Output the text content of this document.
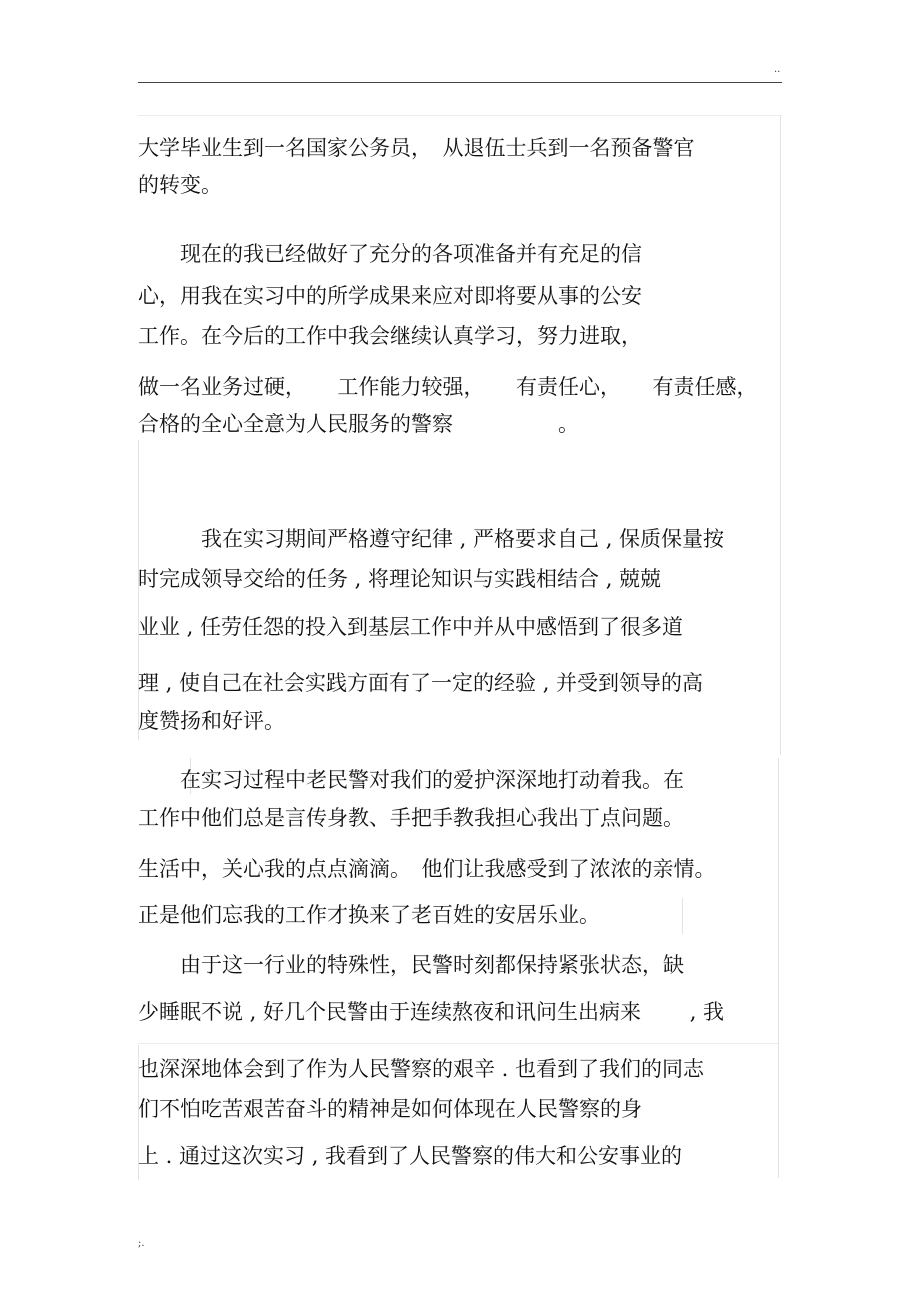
..
大学毕业生到一名国家公务员，　从退伍士兵到一名预备警官
的转变。
　　现在的我已经做好了充分的各项准备并有充足的信
心，用我在实习中的所学成果来应对即将要从事的公安
工作。在今后的工作中我会继续认真学习，努力进取，
做一名业务过硬，　　工作能力较强，　　有责任心，　　有责任感，
合格的全心全意为人民服务的警察　　　　　。
　　　我在实习期间严格遵守纪律 , 严格要求自己 , 保质保量按
时完成领导交给的任务 , 将理论知识与实践相结合 , 兢兢
业业 , 任劳任怨的投入到基层工作中并从中感悟到了很多道
理 , 使自己在社会实践方面有了一定的经验 , 并受到领导的高
度赞扬和好评。
　　在实习过程中老民警对我们的爱护深深地打动着我。在
工作中他们总是言传身教、手把手教我担心我出丁点问题。
生活中，关心我的点点滴滴。　他们让我感受到了浓浓的亲情。
正是他们忘我的工作才换来了老百姓的安居乐业。
　　由于这一行业的特殊性，民警时刻都保持紧张状态，缺
少睡眠不说 , 好几个民警由于连续熬夜和讯问生出病来　　 , 我
也深深地体会到了作为人民警察的艰辛 . 也看到了我们的同志
们不怕吃苦艰苦奋斗的精神是如何体现在人民警察的身
上 . 通过这次实习 , 我看到了人民警察的伟大和公安事业的
;.
